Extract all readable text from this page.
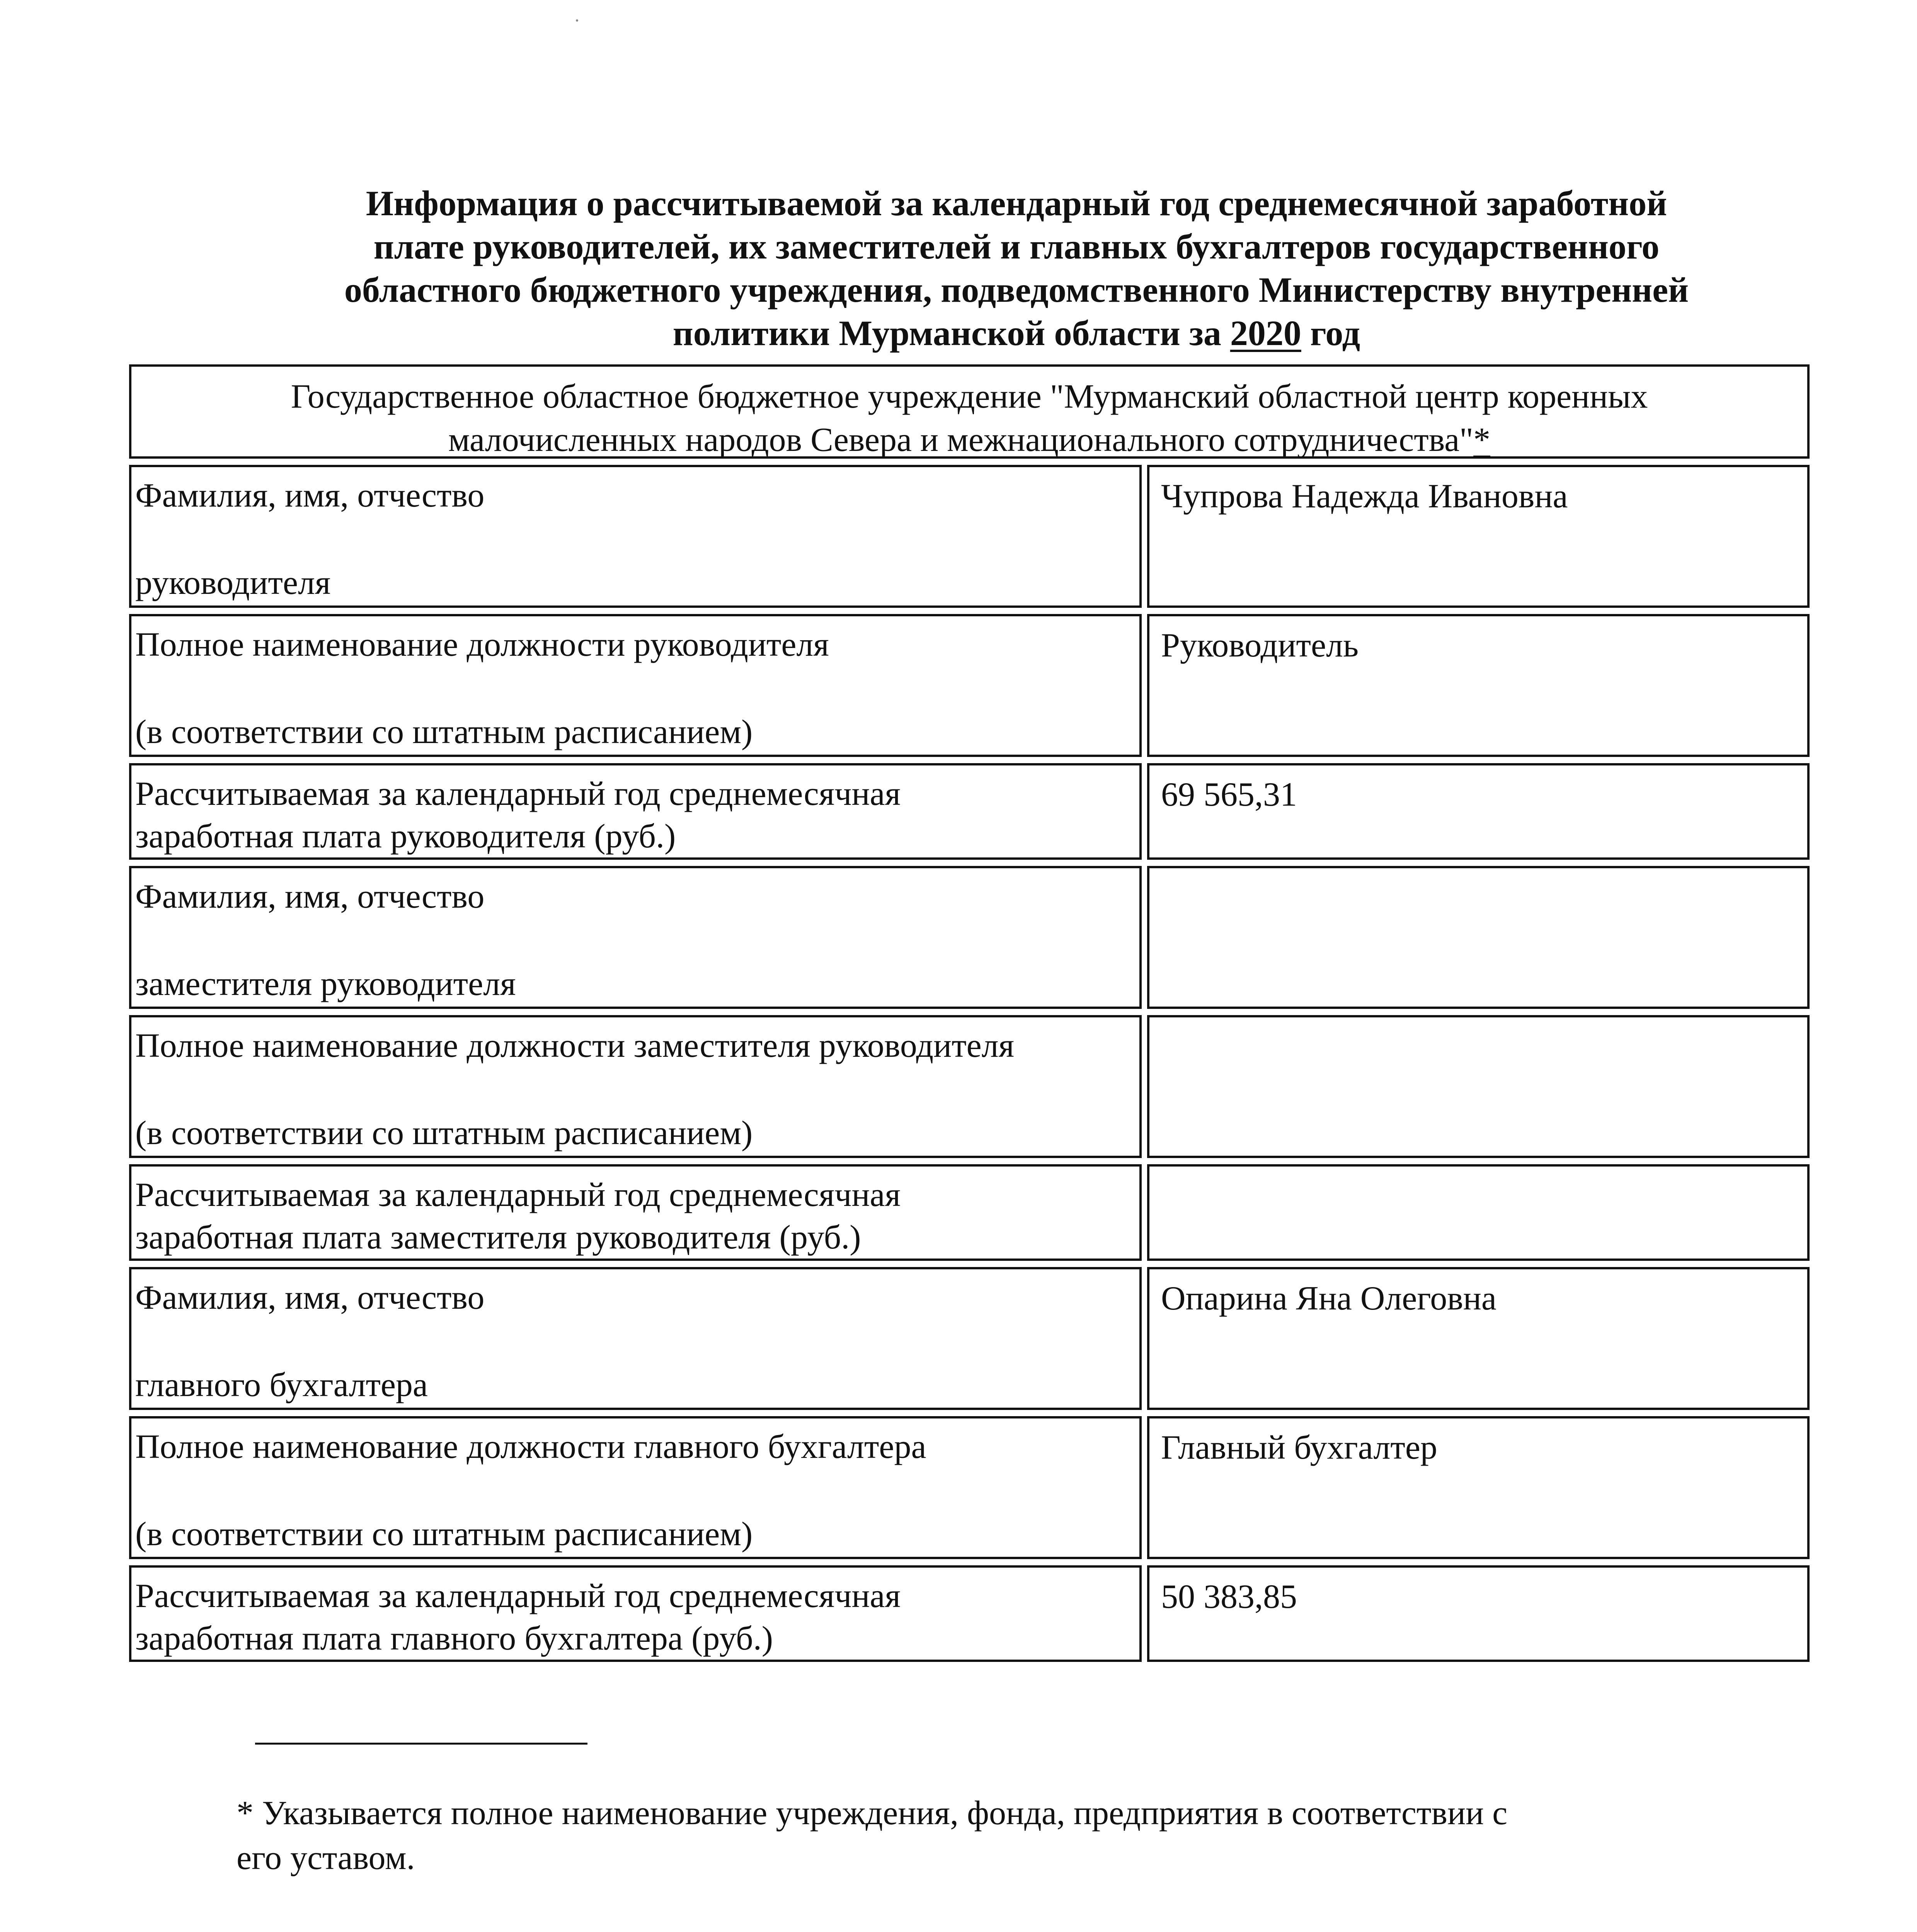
Информация о рассчитываемой за календарный год среднемесячной заработной
плате руководителей, их заместителей и главных бухгалтеров государственного
областного бюджетного учреждения, подведомственного Министерству внутренней
политики Мурманской области за 2020 год
Государственное областное бюджетное учреждение "Мурманский областной центр коренных
малочисленных народов Севера и межнационального сотрудничества"*
Фамилия, имя, отчество
руководителя
Чупрова Надежда Ивановна
Полное наименование должности руководителя
(в соответствии со штатным расписанием)
Руководитель
Рассчитываемая за календарный год среднемесячная
заработная плата руководителя (руб.)
69 565,31
Фамилия, имя, отчество
заместителя руководителя
Полное наименование должности заместителя руководителя
(в соответствии со штатным расписанием)
Рассчитываемая за календарный год среднемесячная
заработная плата заместителя руководителя (руб.)
Фамилия, имя, отчество
главного бухгалтера
Опарина Яна Олеговна
Полное наименование должности главного бухгалтера
(в соответствии со штатным расписанием)
Главный бухгалтер
Рассчитываемая за календарный год среднемесячная
заработная плата главного бухгалтера (руб.)
50 383,85
* Указывается полное наименование учреждения, фонда, предприятия в соответствии с
его уставом.
